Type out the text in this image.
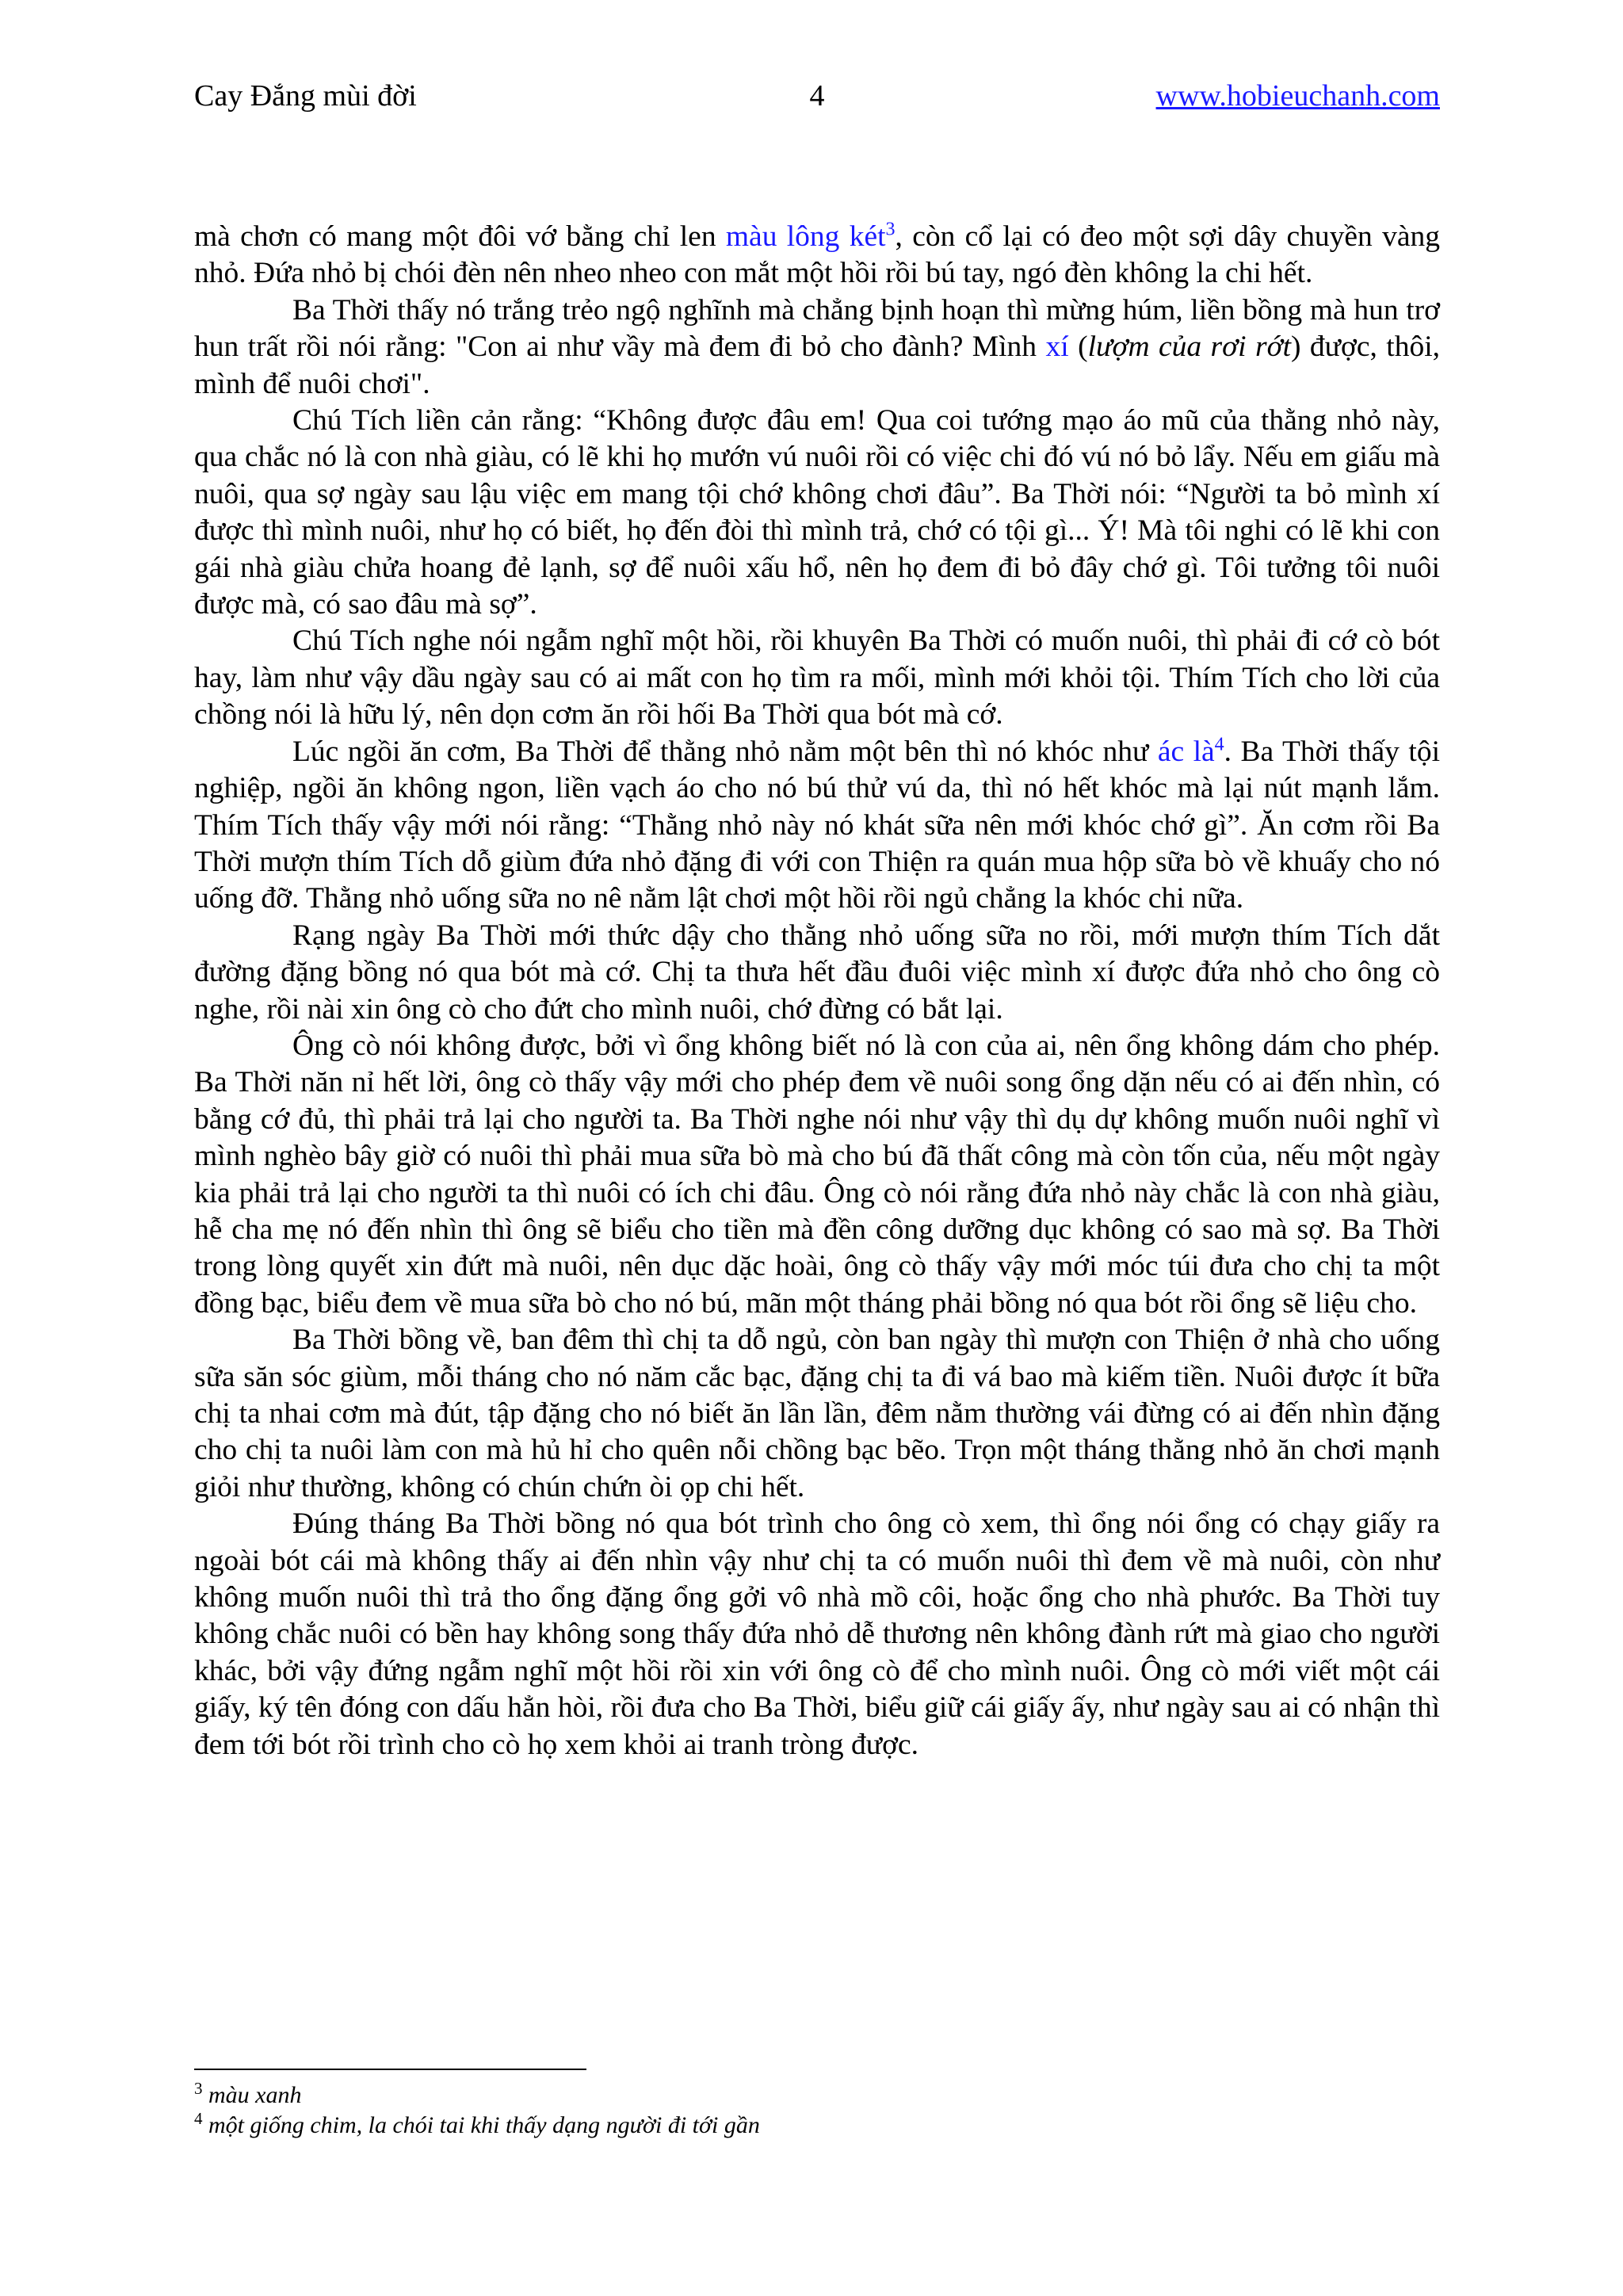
Cay Đắng mùi đời	4	www.hobieuchanh.com

mà chơn có mang một đôi vớ bằng chỉ len màu lông két$^3$, còn cổ lại có đeo một sợi dây chuyền vàng nhỏ. Đứa nhỏ bị chói đèn nên nheo nheo con mắt một hồi rồi bú tay, ngó đèn không la chi hết.

Ba Thời thấy nó trắng trẻo ngộ nghĩnh mà chẳng bịnh hoạn thì mừng húm, liền bồng mà hun trơ hun trất rồi nói rằng: "Con ai như vầy mà đem đi bỏ cho đành? Mình xí (lượm của rơi rớt) được, thôi, mình để nuôi chơi".

Chú Tích liền cản rằng: “Không được đâu em! Qua coi tướng mạo áo mũ của thằng nhỏ này, qua chắc nó là con nhà giàu, có lẽ khi họ mướn vú nuôi rồi có việc chi đó vú nó bỏ lẩy. Nếu em giấu mà nuôi, qua sợ ngày sau lậu việc em mang tội chớ không chơi đâu”. Ba Thời nói: “Người ta bỏ mình xí được thì mình nuôi, như họ có biết, họ đến đòi thì mình trả, chớ có tội gì... Ý! Mà tôi nghi có lẽ khi con gái nhà giàu chửa hoang đẻ lạnh, sợ để nuôi xấu hổ, nên họ đem đi bỏ đây chớ gì. Tôi tưởng tôi nuôi được mà, có sao đâu mà sợ”.

Chú Tích nghe nói ngẫm nghĩ một hồi, rồi khuyên Ba Thời có muốn nuôi, thì phải đi cớ cò bót hay, làm như vậy dầu ngày sau có ai mất con họ tìm ra mối, mình mới khỏi tội. Thím Tích cho lời của chồng nói là hữu lý, nên dọn cơm ăn rồi hối Ba Thời qua bót mà cớ.

Lúc ngồi ăn cơm, Ba Thời để thằng nhỏ nằm một bên thì nó khóc như ác $là^4$. Ba Thời thấy tội nghiệp, ngồi ăn không ngon, liền vạch áo cho nó bú thử vú da, thì nó hết khóc mà lại nút mạnh lắm. Thím Tích thấy vậy mới nói rằng: “Thằng nhỏ này nó khát sữa nên mới khóc chớ gì”. Ăn cơm rồi Ba Thời mượn thím Tích dỗ giùm đứa nhỏ đặng đi với con Thiện ra quán mua hộp sữa bò về khuấy cho nó uống đỡ. Thằng nhỏ uống sữa no nê nằm lật chơi một hồi rồi ngủ chẳng la khóc chi nữa.

Rạng ngày Ba Thời mới thức dậy cho thằng nhỏ uống sữa no rồi, mới mượn thím Tích dắt đường đặng bồng nó qua bót mà cớ. Chị ta thưa hết đầu đuôi việc mình xí được đứa nhỏ cho ông cò nghe, rồi nài xin ông cò cho đứt cho mình nuôi, chớ đừng có bắt lại.

Ông cò nói không được, bởi vì ổng không biết nó là con của ai, nên ổng không dám cho phép. Ba Thời năn nỉ hết lời, ông cò thấy vậy mới cho phép đem về nuôi song ổng dặn nếu có ai đến nhìn, có bằng cớ đủ, thì phải trả lại cho người ta. Ba Thời nghe nói như vậy thì dụ dự không muốn nuôi nghĩ vì mình nghèo bây giờ có nuôi thì phải mua sữa bò mà cho bú đã thất công mà còn tốn của, nếu một ngày kia phải trả lại cho người ta thì nuôi có ích chi đâu. Ông cò nói rằng đứa nhỏ này chắc là con nhà giàu, hễ cha mẹ nó đến nhìn thì ông sẽ biểu cho tiền mà đền công dưỡng dục không có sao mà sợ. Ba Thời trong lòng quyết xin đứt mà nuôi, nên dục dặc hoài, ông cò thấy vậy mới móc túi đưa cho chị ta một đồng bạc, biểu đem về mua sữa bò cho nó bú, mãn một tháng phải bồng nó qua bót rồi ổng sẽ liệu cho.

Ba Thời bồng về, ban đêm thì chị ta dỗ ngủ, còn ban ngày thì mượn con Thiện ở nhà cho uống sữa săn sóc giùm, mỗi tháng cho nó năm cắc bạc, đặng chị ta đi vá bao mà kiếm tiền. Nuôi được ít bữa chị ta nhai cơm mà đút, tập đặng cho nó biết ăn lần lần, đêm nằm thường vái đừng có ai đến nhìn đặng cho chị ta nuôi làm con mà hủ hỉ cho quên nỗi chồng bạc bẽo. Trọn một tháng thằng nhỏ ăn chơi mạnh giỏi như thường, không có chún chứn òi ọp chi hết.

Đúng tháng Ba Thời bồng nó qua bót trình cho ông cò xem, thì ổng nói ổng có chạy giấy ra ngoài bót cái mà không thấy ai đến nhìn vậy như chị ta có muốn nuôi thì đem về mà nuôi, còn như không muốn nuôi thì trả tho ổng đặng ổng gởi vô nhà mồ côi, hoặc ổng cho nhà phước. Ba Thời tuy không chắc nuôi có bền hay không song thấy đứa nhỏ dễ thương nên không đành rứt mà giao cho người khác, bởi vậy đứng ngẫm nghĩ một hồi rồi xin với ông cò để cho mình nuôi. Ông cò mới viết một cái giấy, ký tên đóng con dấu hẳn hòi, rồi đưa cho Ba Thời, biểu giữ cái giấy ấy, như ngày sau ai có nhận thì đem tới bót rồi trình cho cò họ xem khỏi ai tranh tròng được.

$^3$ màu xanh
$^4$ một giống chim, la chói tai khi thấy dạng người đi tới gần
